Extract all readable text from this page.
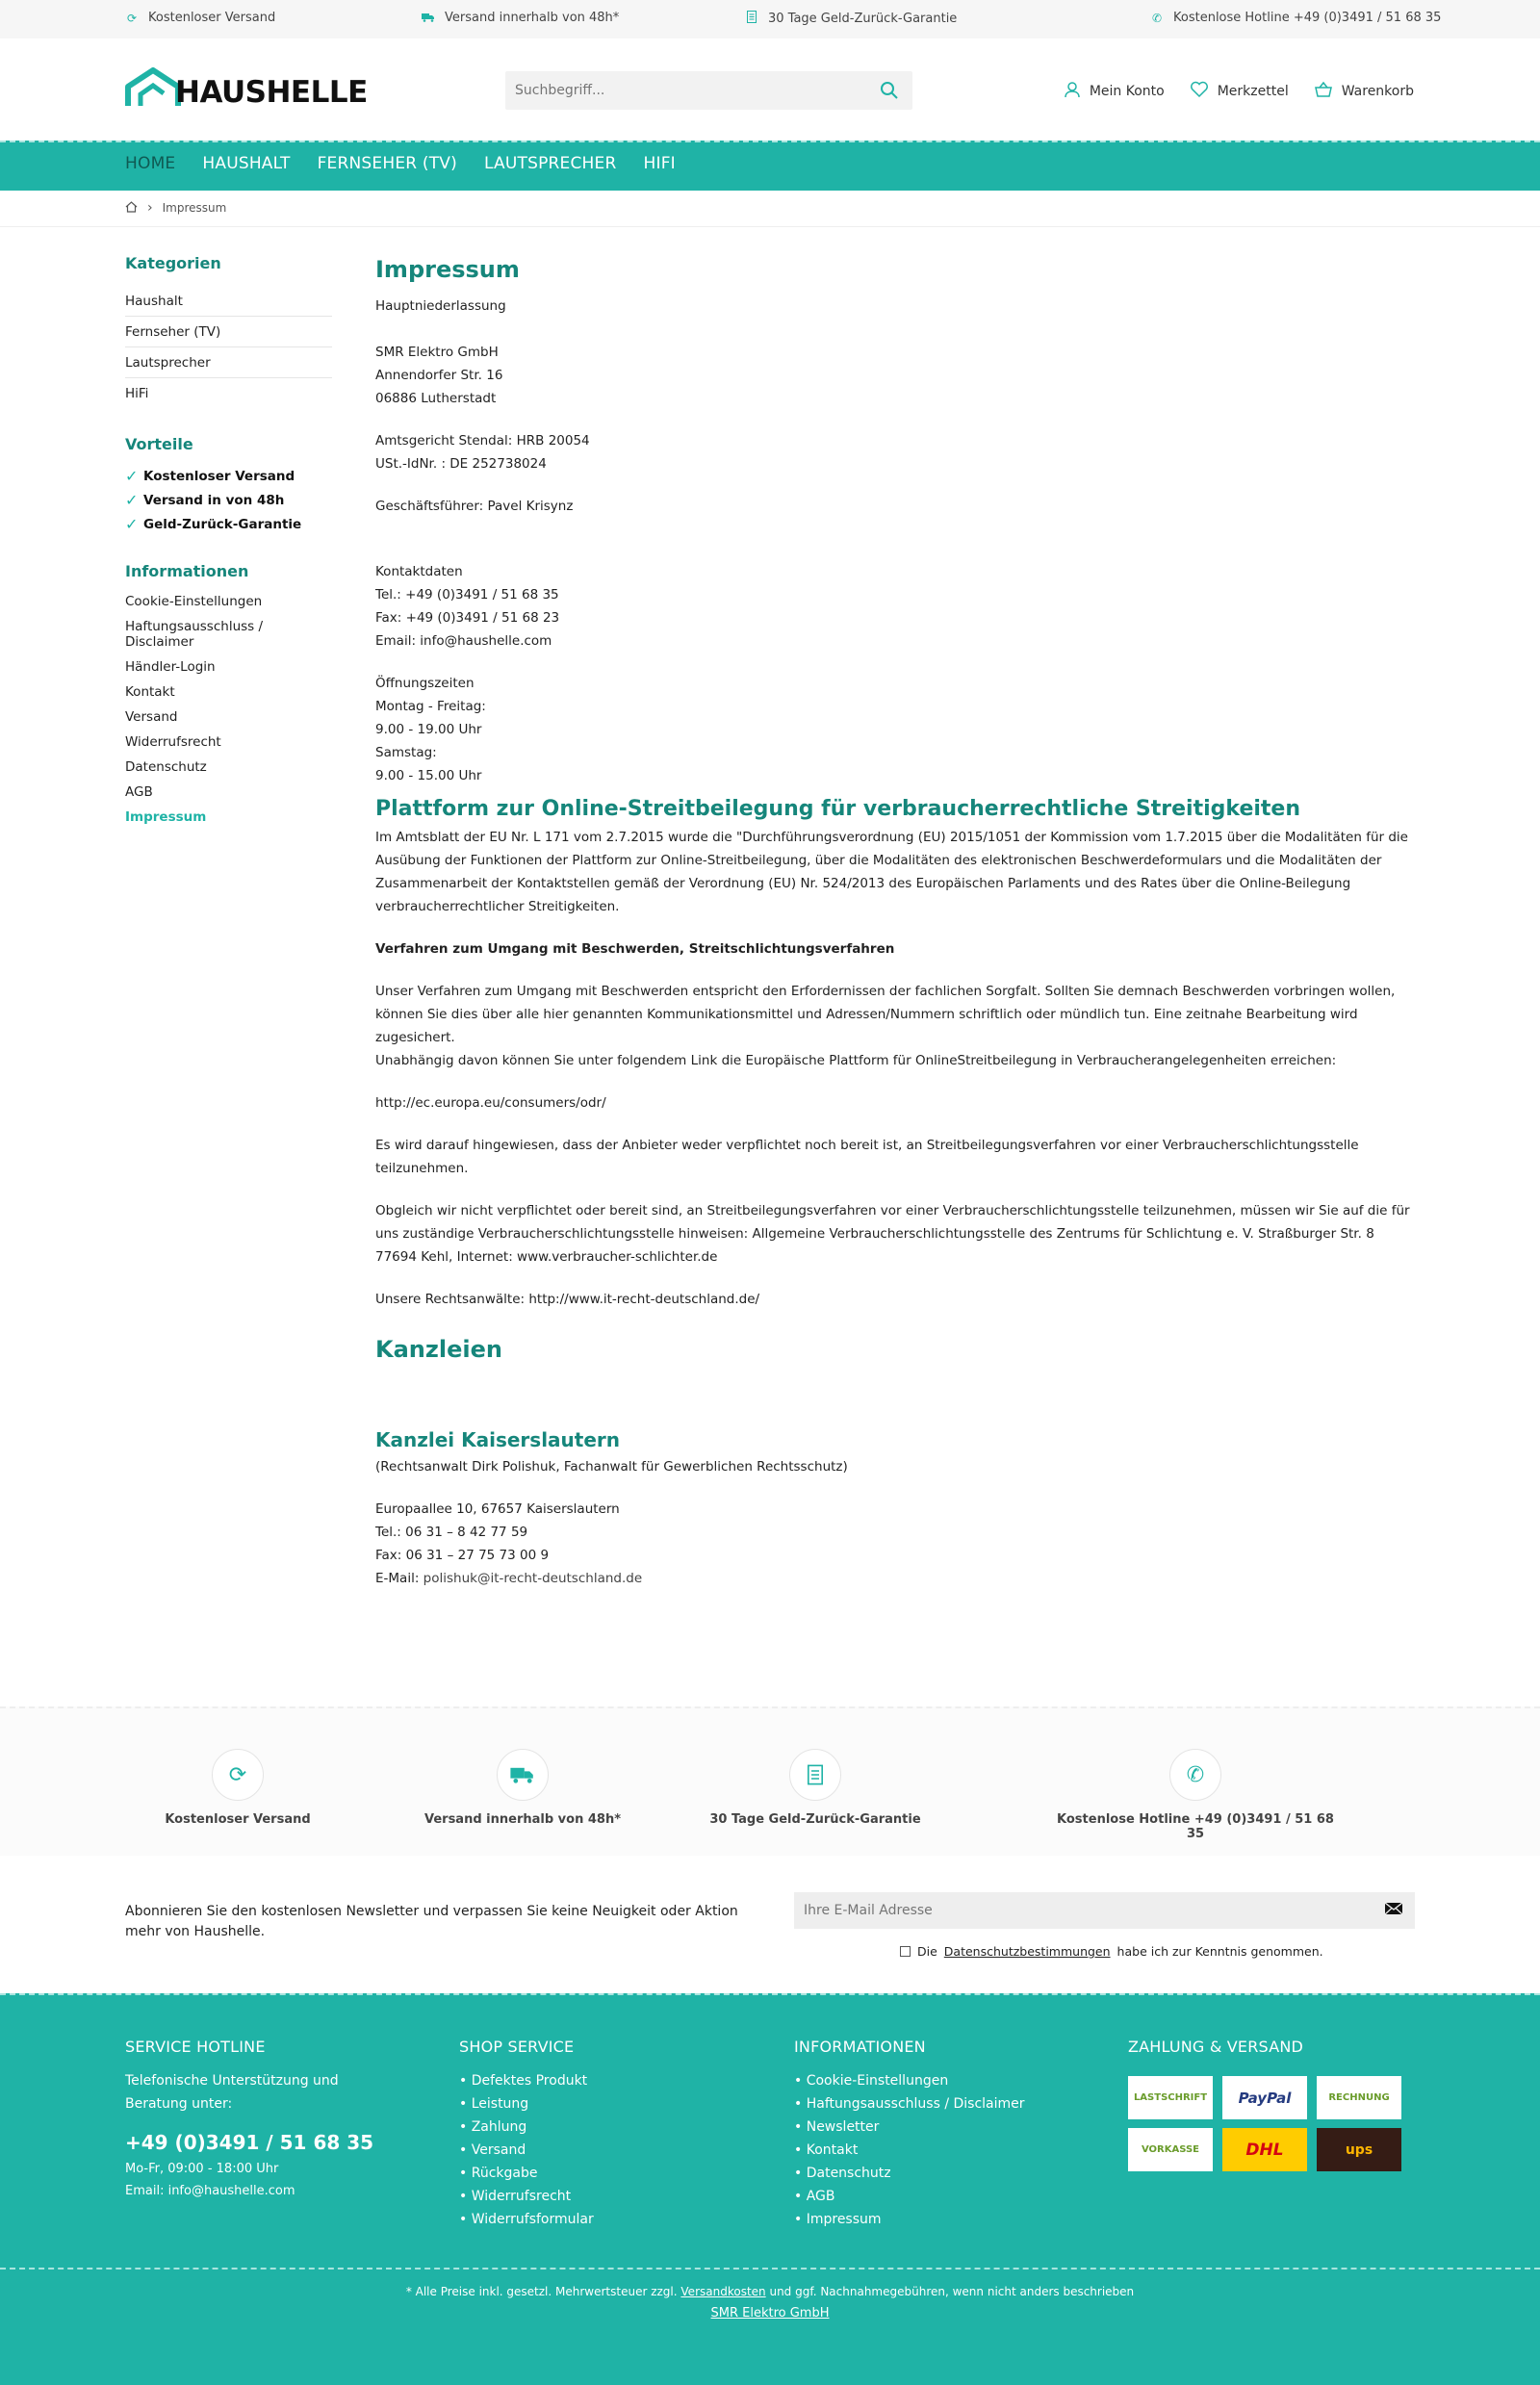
⟳ Kostenloser Versand	Versand innerhalb von 48h*	30 Tage Geld-Zurück-Garantie	✆ Kostenlose Hotline +49 (0)3491 / 51 68 35
HAUSHELLE
Suchbegriff...	Mein Konto	Merkzettel	Warenkorb
HOME HAUSHALT FERNSEHER (TV) LAUTSPRECHER HIFI
› Impressum
Kategorien
Haushalt
Fernseher (TV)
Lautsprecher
HiFi
Vorteile
✓ Kostenloser Versand
✓ Versand in von 48h
✓ Geld-Zurück-Garantie
Informationen
Cookie-Einstellungen
Haftungsausschluss / Disclaimer
Händler-Login
Kontakt
Versand
Widerrufsrecht
Datenschutz
AGB
Impressum
Impressum

Hauptniederlassung

SMR Elektro GmbH

Annendorfer Str. 16

06886 Lutherstadt

Amtsgericht Stendal: HRB 20054

USt.-IdNr. : DE 252738024

Geschäftsführer: Pavel Krisynz

Kontaktdaten

Tel.: +49 (0)3491 / 51 68 35

Fax: +49 (0)3491 / 51 68 23

Email: info@haushelle.com

Öffnungszeiten

Montag - Freitag:

9.00 - 19.00 Uhr

Samstag:

9.00 - 15.00 Uhr

Plattform zur Online-Streitbeilegung für verbraucherrechtliche Streitigkeiten

Im Amtsblatt der EU Nr. L 171 vom 2.7.2015 wurde die "Durchführungsverordnung (EU) 2015/1051 der Kommission vom 1.7.2015 über die Modalitäten für die Ausübung der Funktionen der Plattform zur Online-Streitbeilegung, über die Modalitäten des elektronischen Beschwerdeformulars und die Modalitäten der Zusammenarbeit der Kontaktstellen gemäß der Verordnung (EU) Nr. 524/2013 des Europäischen Parlaments und des Rates über die Online-Beilegung verbraucherrechtlicher Streitigkeiten.

Verfahren zum Umgang mit Beschwerden, Streitschlichtungsverfahren

Unser Verfahren zum Umgang mit Beschwerden entspricht den Erfordernissen der fachlichen Sorgfalt. Sollten Sie demnach Beschwerden vorbringen wollen, können Sie dies über alle hier genannten Kommunikationsmittel und Adressen/Nummern schriftlich oder mündlich tun. Eine zeitnahe Bearbeitung wird zugesichert.

Unabhängig davon können Sie unter folgendem Link die Europäische Plattform für OnlineStreitbeilegung in Verbraucherangelegenheiten erreichen:

http://ec.europa.eu/consumers/odr/

Es wird darauf hingewiesen, dass der Anbieter weder verpflichtet noch bereit ist, an Streitbeilegungsverfahren vor einer Verbraucherschlichtungsstelle teilzunehmen.

Obgleich wir nicht verpflichtet oder bereit sind, an Streitbeilegungsverfahren vor einer Verbraucherschlichtungsstelle teilzunehmen, müssen wir Sie auf die für uns zuständige Verbraucherschlichtungsstelle hinweisen: Allgemeine Verbraucherschlichtungsstelle des Zentrums für Schlichtung e. V. Straßburger Str. 8 77694 Kehl, Internet: www.verbraucher-schlichter.de

Unsere Rechtsanwälte: http://www.it-recht-deutschland.de/

Kanzleien
Kanzlei Kaiserslautern

(Rechtsanwalt Dirk Polishuk, Fachanwalt für Gewerblichen Rechtsschutz)

Europaallee 10, 67657 Kaiserslautern

Tel.: 06 31 – 8 42 77 59

Fax: 06 31 – 27 75 73 00 9

E-Mail: polishuk@it-recht-deutschland.de

⟳
Kostenloser Versand	Versand innerhalb von 48h*	30 Tage Geld-Zurück-Garantie
✆
Kostenlose Hotline +49 (0)3491 / 51 68 35
Abonnieren Sie den kostenlosen Newsletter und verpassen Sie keine Neuigkeit oder Aktion mehr von Haushelle.
Ihre E-Mail Adresse
Die Datenschutzbestimmungen habe ich zur Kenntnis genommen.
SERVICE HOTLINE
Telefonische Unterstützung und Beratung unter:
+49 (0)3491 / 51 68 35
Mo-Fr, 09:00 - 18:00 Uhr
Email: info@haushelle.com
SHOP SERVICE
• Defektes Produkt
• Leistung
• Zahlung
• Versand
• Rückgabe
• Widerrufsrecht
• Widerrufsformular
INFORMATIONEN
• Cookie-Einstellungen
• Haftungsausschluss / Disclaimer
• Newsletter
• Kontakt
• Datenschutz
• AGB
• Impressum
ZAHLUNG & VERSAND
LASTSCHRIFT	PayPal	RECHNUNG
VORKASSE	DHL	ups
* Alle Preise inkl. gesetzl. Mehrwertsteuer zzgl. Versandkosten und ggf. Nachnahmegebühren, wenn nicht anders beschrieben
SMR Elektro GmbH
